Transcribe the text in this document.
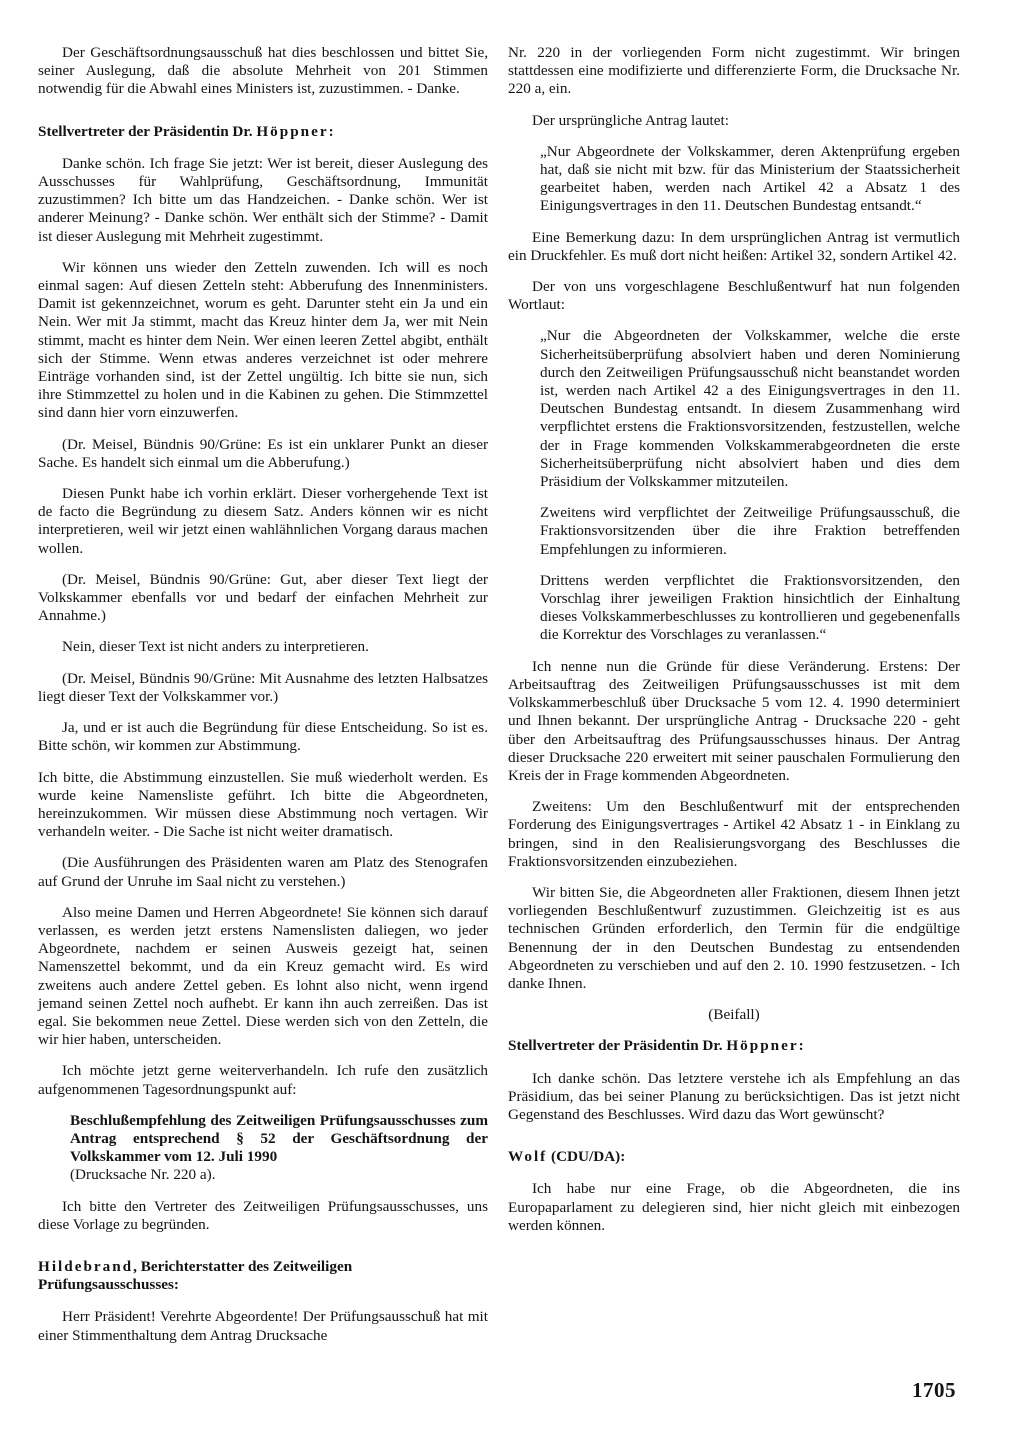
Der Geschäftsordnungsausschuß hat dies beschlossen und bittet Sie, seiner Auslegung, daß die absolute Mehrheit von 201 Stimmen notwendig für die Abwahl eines Ministers ist, zuzustimmen. - Danke.

Stellvertreter der Präsidentin Dr. Höppner:

Danke schön. Ich frage Sie jetzt: Wer ist bereit, dieser Auslegung des Ausschusses für Wahlprüfung, Geschäftsordnung, Immunität zuzustimmen? Ich bitte um das Handzeichen. - Danke schön. Wer ist anderer Meinung? - Danke schön. Wer enthält sich der Stimme? - Damit ist dieser Auslegung mit Mehrheit zugestimmt.

Wir können uns wieder den Zetteln zuwenden. Ich will es noch einmal sagen: Auf diesen Zetteln steht: Abberufung des Innenministers. Damit ist gekennzeichnet, worum es geht. Darunter steht ein Ja und ein Nein. Wer mit Ja stimmt, macht das Kreuz hinter dem Ja, wer mit Nein stimmt, macht es hinter dem Nein. Wer einen leeren Zettel abgibt, enthält sich der Stimme. Wenn etwas anderes verzeichnet ist oder mehrere Einträge vorhanden sind, ist der Zettel ungültig. Ich bitte sie nun, sich ihre Stimmzettel zu holen und in die Kabinen zu gehen. Die Stimmzettel sind dann hier vorn einzuwerfen.

(Dr. Meisel, Bündnis 90/Grüne: Es ist ein unklarer Punkt an dieser Sache. Es handelt sich einmal um die Abberufung.)

Diesen Punkt habe ich vorhin erklärt. Dieser vorhergehende Text ist de facto die Begründung zu diesem Satz. Anders können wir es nicht interpretieren, weil wir jetzt einen wahlähnlichen Vorgang daraus machen wollen.

(Dr. Meisel, Bündnis 90/Grüne: Gut, aber dieser Text liegt der Volkskammer ebenfalls vor und bedarf der einfachen Mehrheit zur Annahme.)

Nein, dieser Text ist nicht anders zu interpretieren.

(Dr. Meisel, Bündnis 90/Grüne: Mit Ausnahme des letzten Halbsatzes liegt dieser Text der Volkskammer vor.)

Ja, und er ist auch die Begründung für diese Entscheidung. So ist es. Bitte schön, wir kommen zur Abstimmung.

Ich bitte, die Abstimmung einzustellen. Sie muß wiederholt werden. Es wurde keine Namensliste geführt. Ich bitte die Abgeordneten, hereinzukommen. Wir müssen diese Abstimmung noch vertagen. Wir verhandeln weiter. - Die Sache ist nicht weiter dramatisch.

(Die Ausführungen des Präsidenten waren am Platz des Stenografen auf Grund der Unruhe im Saal nicht zu verstehen.)

Also meine Damen und Herren Abgeordnete! Sie können sich darauf verlassen, es werden jetzt erstens Namenslisten daliegen, wo jeder Abgeordnete, nachdem er seinen Ausweis gezeigt hat, seinen Namenszettel bekommt, und da ein Kreuz gemacht wird. Es wird zweitens auch andere Zettel geben. Es lohnt also nicht, wenn irgend jemand seinen Zettel noch aufhebt. Er kann ihn auch zerreißen. Das ist egal. Sie bekommen neue Zettel. Diese werden sich von den Zetteln, die wir hier haben, unterscheiden.

Ich möchte jetzt gerne weiterverhandeln. Ich rufe den zusätzlich aufgenommenen Tagesordnungspunkt auf:

Beschlußempfehlung des Zeitweiligen Prüfungsausschusses zum Antrag entsprechend § 52 der Geschäftsordnung der Volkskammer vom 12. Juli 1990
(Drucksache Nr. 220 a).

Ich bitte den Vertreter des Zeitweiligen Prüfungsausschusses, uns diese Vorlage zu begründen.

Hildebrand, Berichterstatter des Zeitweiligen Prüfungsausschusses:

Herr Präsident! Verehrte Abgeordente! Der Prüfungsausschuß hat mit einer Stimmenthaltung dem Antrag Drucksache

Nr. 220 in der vorliegenden Form nicht zugestimmt. Wir bringen stattdessen eine modifizierte und differenzierte Form, die Drucksache Nr. 220 a, ein.

Der ursprüngliche Antrag lautet:

„Nur Abgeordnete der Volkskammer, deren Aktenprüfung ergeben hat, daß sie nicht mit bzw. für das Ministerium der Staatssicherheit gearbeitet haben, werden nach Artikel 42 a Absatz 1 des Einigungsvertrages in den 11. Deutschen Bundestag entsandt.“

Eine Bemerkung dazu: In dem ursprünglichen Antrag ist vermutlich ein Druckfehler. Es muß dort nicht heißen: Artikel 32, sondern Artikel 42.

Der von uns vorgeschlagene Beschlußentwurf hat nun folgenden Wortlaut:

„Nur die Abgeordneten der Volkskammer, welche die erste Sicherheitsüberprüfung absolviert haben und deren Nominierung durch den Zeitweiligen Prüfungsausschuß nicht beanstandet worden ist, werden nach Artikel 42 a des Einigungsvertrages in den 11. Deutschen Bundestag entsandt. In diesem Zusammenhang wird verpflichtet erstens die Fraktionsvorsitzenden, festzustellen, welche der in Frage kommenden Volkskammerabgeordneten die erste Sicherheitsüberprüfung nicht absolviert haben und dies dem Präsidium der Volkskammer mitzuteilen.

Zweitens wird verpflichtet der Zeitweilige Prüfungsausschuß, die Fraktionsvorsitzenden über die ihre Fraktion betreffenden Empfehlungen zu informieren.

Drittens werden verpflichtet die Fraktionsvorsitzenden, den Vorschlag ihrer jeweiligen Fraktion hinsichtlich der Einhaltung dieses Volkskammerbeschlusses zu kontrollieren und gegebenenfalls die Korrektur des Vorschlages zu veranlassen.“

Ich nenne nun die Gründe für diese Veränderung. Erstens: Der Arbeitsauftrag des Zeitweiligen Prüfungsausschusses ist mit dem Volkskammerbeschluß über Drucksache 5 vom 12. 4. 1990 determiniert und Ihnen bekannt. Der ursprüngliche Antrag - Drucksache 220 - geht über den Arbeitsauftrag des Prüfungsausschusses hinaus. Der Antrag dieser Drucksache 220 erweitert mit seiner pauschalen Formulierung den Kreis der in Frage kommenden Abgeordneten.

Zweitens: Um den Beschlußentwurf mit der entsprechenden Forderung des Einigungsvertrages - Artikel 42 Absatz 1 - in Einklang zu bringen, sind in den Realisierungsvorgang des Beschlusses die Fraktionsvorsitzenden einzubeziehen.

Wir bitten Sie, die Abgeordneten aller Fraktionen, diesem Ihnen jetzt vorliegenden Beschlußentwurf zuzustimmen. Gleichzeitig ist es aus technischen Gründen erforderlich, den Termin für die endgültige Benennung der in den Deutschen Bundestag zu entsendenden Abgeordneten zu verschieben und auf den 2. 10. 1990 festzusetzen. - Ich danke Ihnen.

(Beifall)

Stellvertreter der Präsidentin Dr. Höppner:

Ich danke schön. Das letztere verstehe ich als Empfehlung an das Präsidium, das bei seiner Planung zu berücksichtigen. Das ist jetzt nicht Gegenstand des Beschlusses. Wird dazu das Wort gewünscht?

Wolf (CDU/DA):

Ich habe nur eine Frage, ob die Abgeordneten, die ins Europaparlament zu delegieren sind, hier nicht gleich mit einbezogen werden können.

1705
